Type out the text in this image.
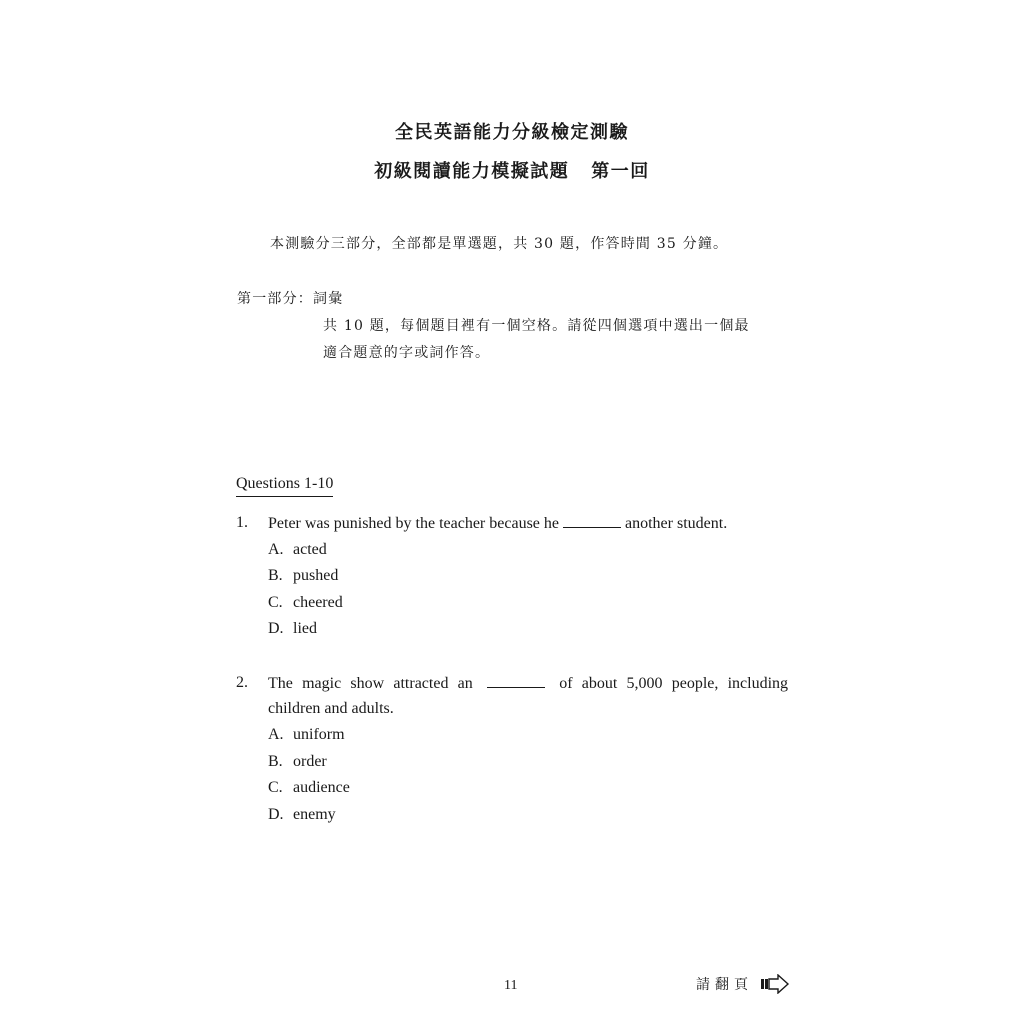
全民英語能力分級檢定測驗
初級閱讀能力模擬試題 第一回
本測驗分三部分，全部都是單選題，共 30 題，作答時間 35 分鐘。
第一部分：詞彙
共 10 題，每個題目裡有一個空格。請從四個選項中選出一個最
適合題意的字或詞作答。
Questions 1-10
1. Peter was punished by the teacher because he	another student.
A. acted
B. pushed
C. cheered
D. lied
2. The magic show attracted an	of about 5,000 people, including
children and adults.
A. uniform
B. order
C. audience
D. enemy
11	請翻頁
